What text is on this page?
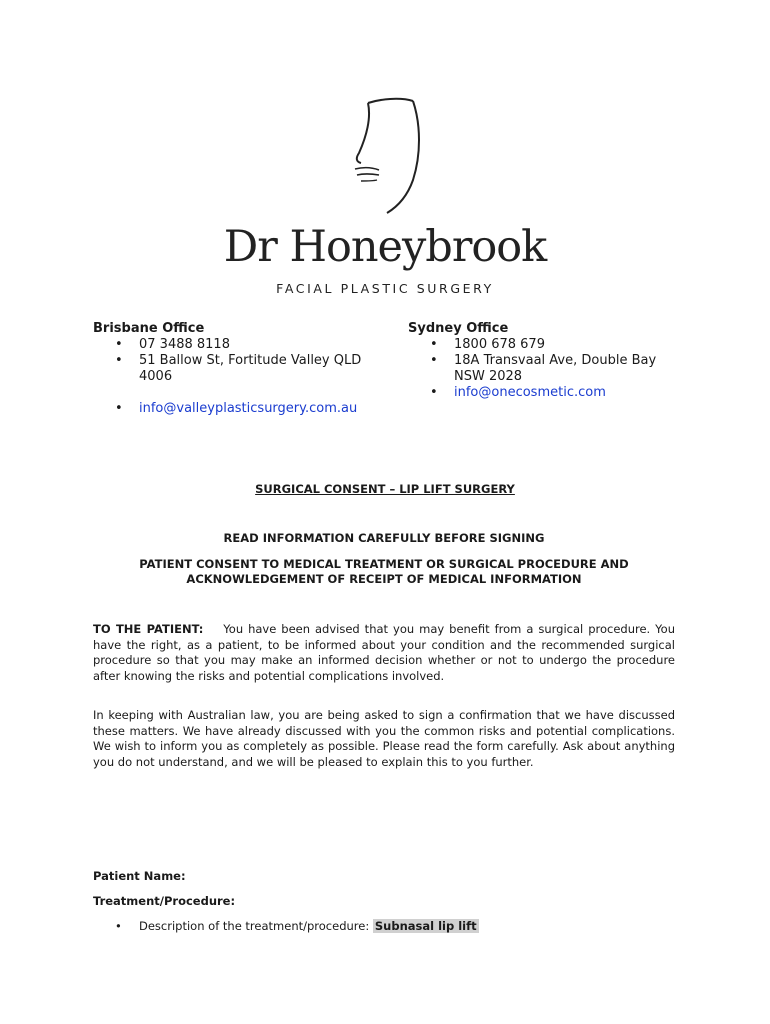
Dr Honeybrook
FACIAL PLASTIC SURGERY
Brisbane Office
• 07 3488 8118
• 51 Ballow St, Fortitude Valley QLD 4006
• info@valleyplasticsurgery.com.au
Sydney Office
• 1800 678 679
• 18A Transvaal Ave, Double Bay NSW 2028
• info@onecosmetic.com
SURGICAL CONSENT – LIP LIFT SURGERY
READ INFORMATION CAREFULLY BEFORE SIGNING
PATIENT CONSENT TO MEDICAL TREATMENT OR SURGICAL PROCEDURE AND ACKNOWLEDGEMENT OF RECEIPT OF MEDICAL INFORMATION
TO THE PATIENT: You have been advised that you may benefit from a surgical procedure. You have the right, as a patient, to be informed about your condition and the recommended surgical procedure so that you may make an informed decision whether or not to undergo the procedure after knowing the risks and potential complications involved.
In keeping with Australian law, you are being asked to sign a confirmation that we have discussed these matters. We have already discussed with you the common risks and potential complications. We wish to inform you as completely as possible. Please read the form carefully. Ask about anything you do not understand, and we will be pleased to explain this to you further.
Patient Name:
Treatment/Procedure:
• Description of the treatment/procedure: Subnasal lip lift
